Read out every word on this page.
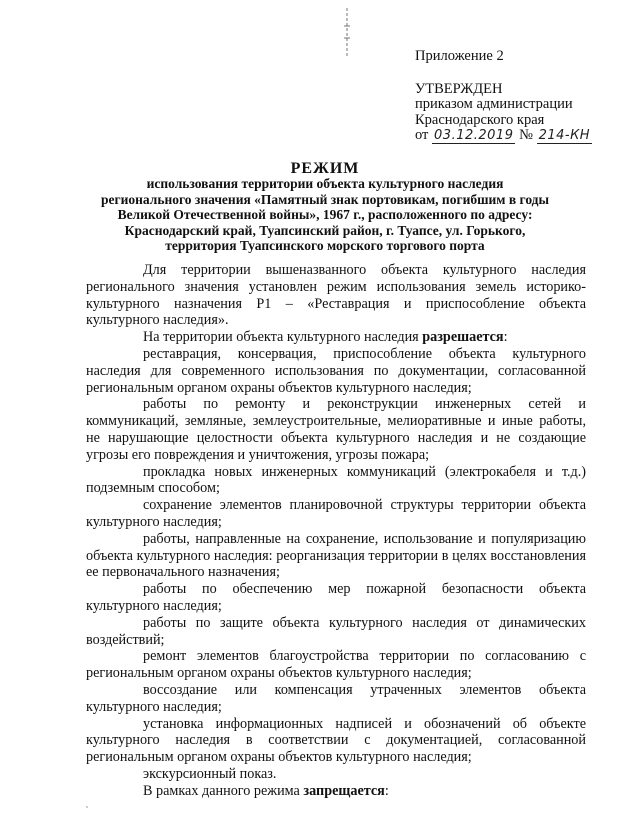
Приложение 2
УТВЕРЖДЕН
приказом администрации
Краснодарского края
от 03.12.2019 № 214-КН
РЕЖИМ
использования территории объекта культурного наследия регионального значения «Памятный знак портовикам, погибшим в годы Великой Отечественной войны», 1967 г., расположенного по адресу: Краснодарский край, Туапсинский район, г. Туапсе, ул. Горького, территория Туапсинского морского торгового порта

Для территории вышеназванного объекта культурного наследия регионального значения установлен режим использования земель историко-культурного назначения Р1 – «Реставрация и приспособление объекта культурного наследия».

На территории объекта культурного наследия разрешается:

реставрация, консервация, приспособление объекта культурного наследия для современного использования по документации, согласованной региональным органом охраны объектов культурного наследия;

работы по ремонту и реконструкции инженерных сетей и коммуникаций, земляные, землеустроительные, мелиоративные и иные работы, не нарушающие целостности объекта культурного наследия и не создающие угрозы его повреждения и уничтожения, угрозы пожара;

прокладка новых инженерных коммуникаций (электрокабеля и т.д.) подземным способом;

сохранение элементов планировочной структуры территории объекта культурного наследия;

работы, направленные на сохранение, использование и популяризацию объекта культурного наследия: реорганизация территории в целях восстановления ее первоначального назначения;

работы по обеспечению мер пожарной безопасности объекта культурного наследия;

работы по защите объекта культурного наследия от динамических воздействий;

ремонт элементов благоустройства территории по согласованию с региональным органом охраны объектов культурного наследия;

воссоздание или компенсация утраченных элементов объекта культурного наследия;

установка информационных надписей и обозначений об объекте культурного наследия в соответствии с документацией, согласованной региональным органом охраны объектов культурного наследия;

экскурсионный показ.

В рамках данного режима запрещается:
